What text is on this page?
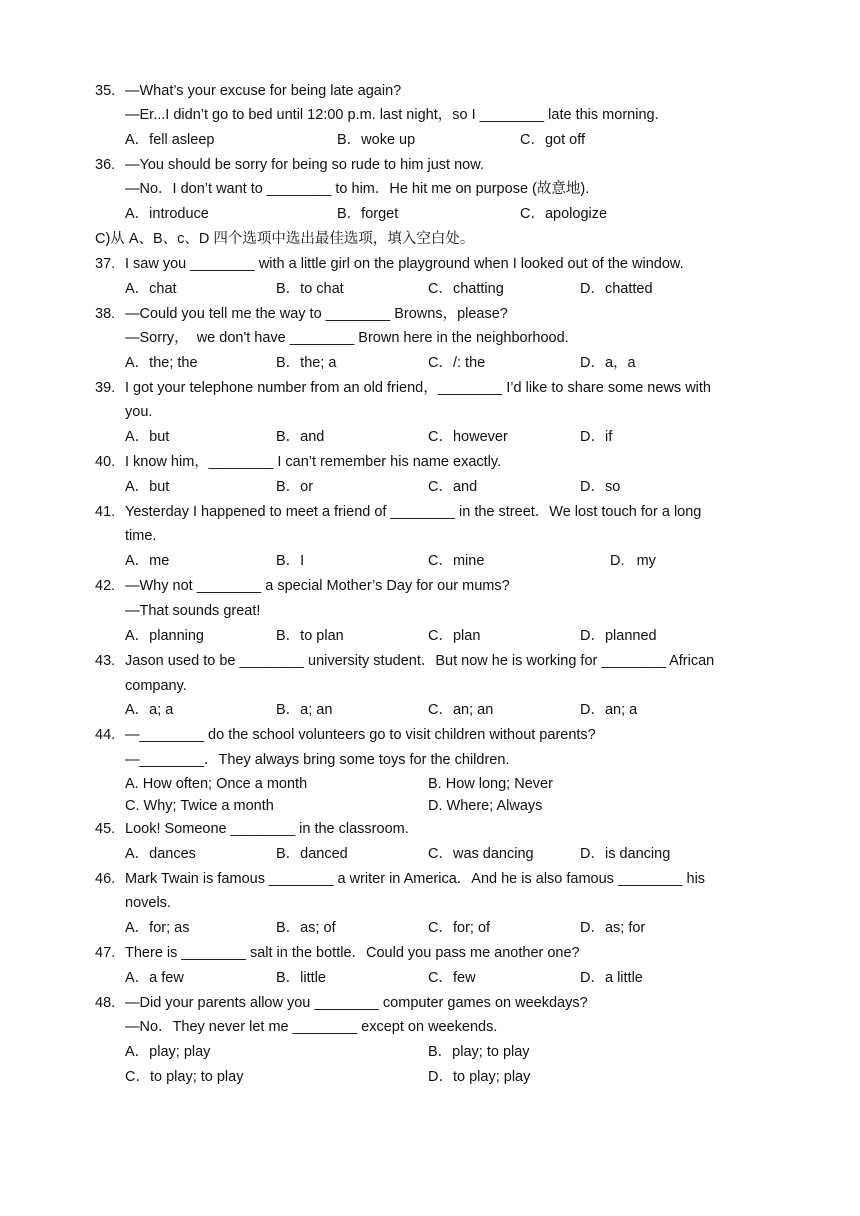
35. —What’s your excuse for being late again?
—Er...I didn’t go to bed until 12:00 p.m. last night，so I ________ late this morning.
A．fell asleep	B．woke up	C．got off
36. —You should be sorry for being so rude to him just now.
—No．I don’t want to ________ to him．He hit me on purpose (故意地).
A．introduce	B．forget	C．apologize
C)从 A、B、c、D 四个选项中选出最佳选项，填入空白处。
37. I saw you ________ with a little girl on the playground when I looked out of the window.
A．chat	B．to chat	C．chatting	D．chatted
38. —Could you tell me the way to ________ Browns，please?
—Sorry，  we don't have ________ Brown here in the neighborhood.
A．the; the	B．the; a	C．/: the	D．a，a
39. I got your telephone number from an old friend，________ I’d like to share some news with
you.
A．but	B．and	C．however	D．if
40. I know him，________ I can’t remember his name exactly.
A．but	B．or	C．and	D．so
41. Yesterday I happened to meet a friend of ________ in the street．We lost touch for a long
time.
A．me	B．I	C．mine	D.   my
42. —Why not ________ a special Mother’s Day for our mums?
—That sounds great!
A．planning	B．to plan	C．plan	D．planned
43. Jason used to be ________ university student．But now he is working for ________ African
company.
A．a; a	B．a; an	C．an; an	D．an; a
44. —________ do the school volunteers go to visit children without parents?
—________．They always bring some toys for the children.
A. How often; Once a month	B. How long; Never
C. Why; Twice a month	D. Where; Always
45. Look! Someone ________ in the classroom.
A．dances	B．danced	C．was dancing	D．is dancing
46. Mark Twain is famous ________ a writer in America．And he is also famous ________ his
novels.
A．for; as	B．as; of	C．for; of	D．as; for
47. There is ________ salt in the bottle．Could you pass me another one?
A．a few	B．little	C．few	D．a little
48. —Did your parents allow you ________ computer games on weekdays?
—No．They never let me ________ except on weekends.
A．play; play	B．play; to play
C．to play; to play	D．to play; play
